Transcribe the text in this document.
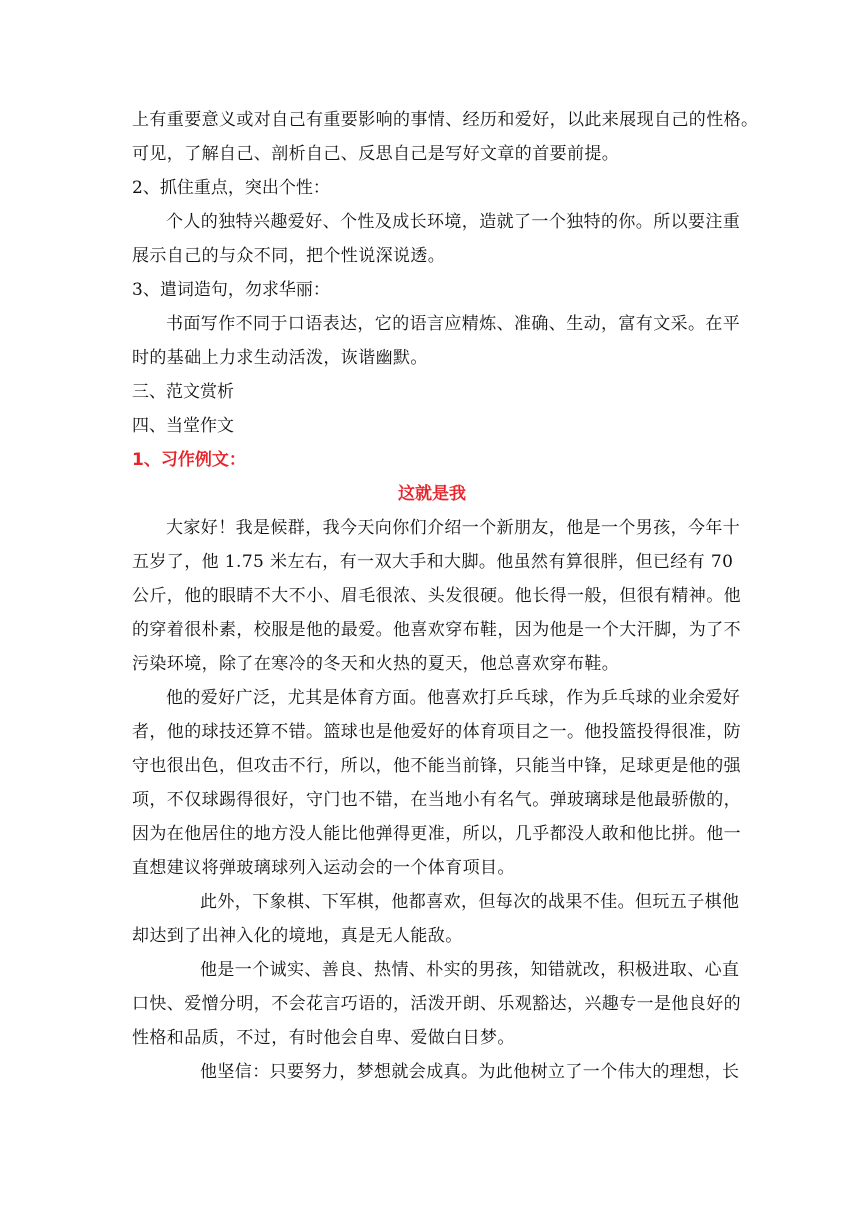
上有重要意义或对自己有重要影响的事情、经历和爱好，以此来展现自己的性格。
可见，了解自己、剖析自己、反思自己是写好文章的首要前提。
2、抓住重点，突出个性：
个人的独特兴趣爱好、个性及成长环境，造就了一个独特的你。所以要注重
展示自己的与众不同，把个性说深说透。
3、遣词造句，勿求华丽：
书面写作不同于口语表达，它的语言应精炼、准确、生动，富有文采。在平
时的基础上力求生动活泼，诙谐幽默。
三、范文赏析
四、当堂作文
1、习作例文：
这就是我
大家好！我是候群，我今天向你们介绍一个新朋友，他是一个男孩，今年十
五岁了，他 1.75 米左右，有一双大手和大脚。他虽然有算很胖，但已经有 70
公斤，他的眼睛不大不小、眉毛很浓、头发很硬。他长得一般，但很有精神。他
的穿着很朴素，校服是他的最爱。他喜欢穿布鞋，因为他是一个大汗脚，为了不
污染环境，除了在寒冷的冬天和火热的夏天，他总喜欢穿布鞋。
他的爱好广泛，尤其是体育方面。他喜欢打乒乓球，作为乒乓球的业余爱好
者，他的球技还算不错。篮球也是他爱好的体育项目之一。他投篮投得很准，防
守也很出色，但攻击不行，所以，他不能当前锋，只能当中锋，足球更是他的强
项，不仅球踢得很好，守门也不错，在当地小有名气。弹玻璃球是他最骄傲的，
因为在他居住的地方没人能比他弹得更准，所以，几乎都没人敢和他比拼。他一
直想建议将弹玻璃球列入运动会的一个体育项目。
此外，下象棋、下军棋，他都喜欢，但每次的战果不佳。但玩五子棋他
却达到了出神入化的境地，真是无人能敌。
他是一个诚实、善良、热情、朴实的男孩，知错就改，积极进取、心直
口快、爱憎分明，不会花言巧语的，活泼开朗、乐观豁达，兴趣专一是他良好的
性格和品质，不过，有时他会自卑、爱做白日梦。
他坚信：只要努力，梦想就会成真。为此他树立了一个伟大的理想，长
